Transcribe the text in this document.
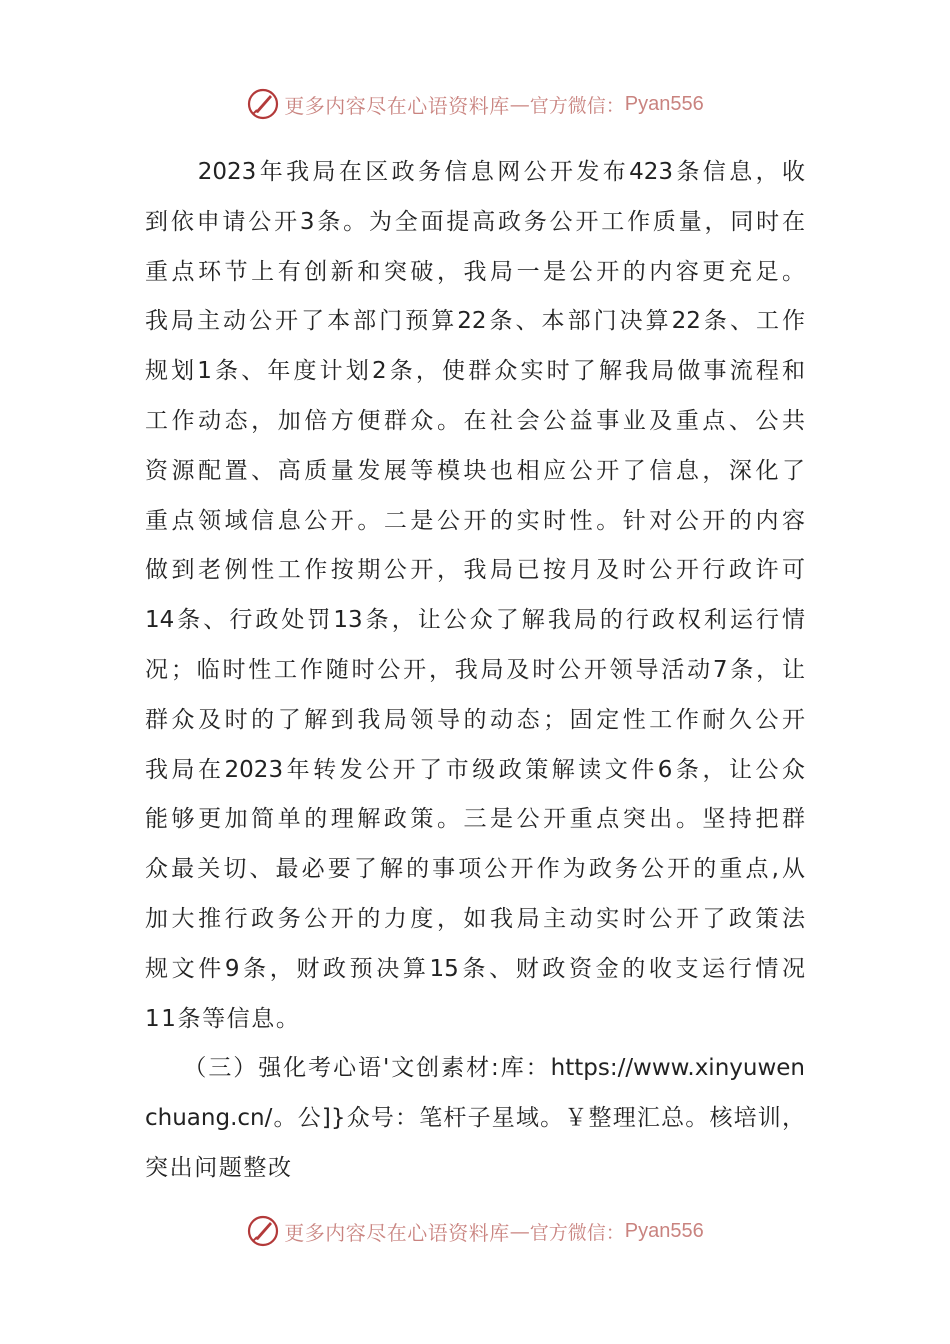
更多内容尽在心语资料库 — 官方微信： Pyan556

　　2023年我局在区政务信息网公开发布423条信息，收
到依申请公开3条。为全面提高政务公开工作质量，同时在
重点环节上有创新和突破，我局一是公开的内容更充足。
我局主动公开了本部门预算22条、本部门决算22条、工作
规划1条、年度计划2条，使群众实时了解我局做事流程和
工作动态，加倍方便群众。在社会公益事业及重点、公共
资源配置、高质量发展等模块也相应公开了信息，深化了
重点领域信息公开。二是公开的实时性。针对公开的内容
做到老例性工作按期公开，我局已按月及时公开行政许可
14条、行政处罚13条，让公众了解我局的行政权利运行情
况；临时性工作随时公开，我局及时公开领导活动7条，让
群众及时的了解到我局领导的动态；固定性工作耐久公开
我局在2023年转发公开了市级政策解读文件6条，让公众
能够更加简单的理解政策。三是公开重点突出。坚持把群
众最关切、最必要了解的事项公开作为政务公开的重点,从
加大推行政务公开的力度，如我局主动实时公开了政策法
规文件9条，财政预决算15条、财政资金的收支运行情况
11条等信息。

　　（三）强化考心语'文创素材:库：https://www.xinyuwen
chuang.cn/。公]}众号：笔杆子星域。￥整理汇总。核培训，
突出问题整改

更多内容尽在心语资料库 — 官方微信： Pyan556
